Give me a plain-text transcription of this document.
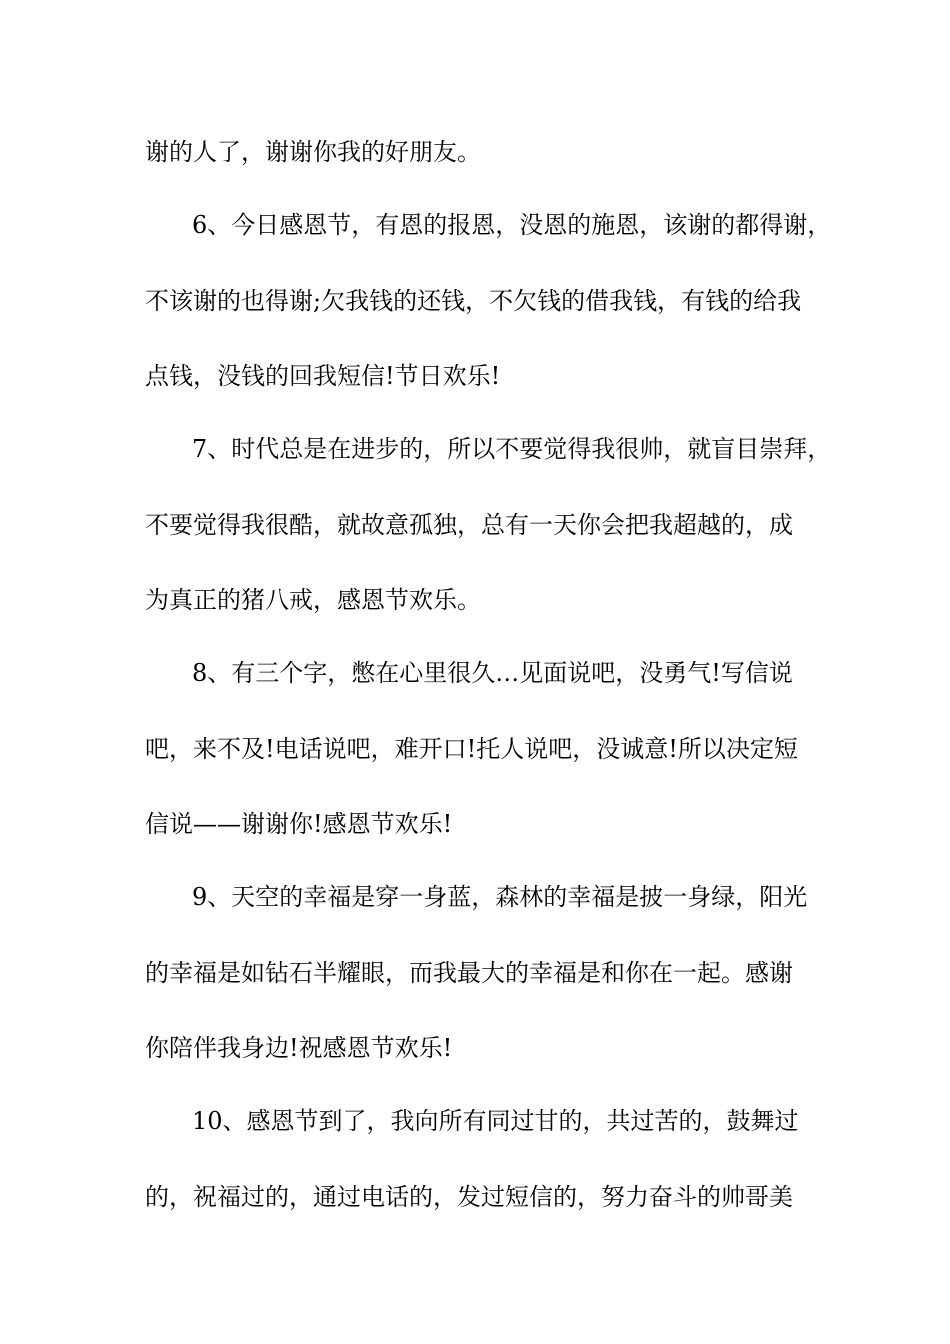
谢的人了，谢谢你我的好朋友。
6、今日感恩节，有恩的报恩，没恩的施恩，该谢的都得谢，
不该谢的也得谢;欠我钱的还钱，不欠钱的借我钱，有钱的给我
点钱，没钱的回我短信!节日欢乐!
7、时代总是在进步的，所以不要觉得我很帅，就盲目崇拜，
不要觉得我很酷，就故意孤独，总有一天你会把我超越的，成
为真正的猪八戒，感恩节欢乐。
8、有三个字，憋在心里很久…见面说吧，没勇气!写信说
吧，来不及!电话说吧，难开口!托人说吧，没诚意!所以决定短
信说——谢谢你!感恩节欢乐!
9、天空的幸福是穿一身蓝，森林的幸福是披一身绿，阳光
的幸福是如钻石半耀眼，而我最大的幸福是和你在一起。感谢
你陪伴我身边!祝感恩节欢乐!
10、感恩节到了，我向所有同过甘的，共过苦的，鼓舞过
的，祝福过的，通过电话的，发过短信的，努力奋斗的帅哥美
